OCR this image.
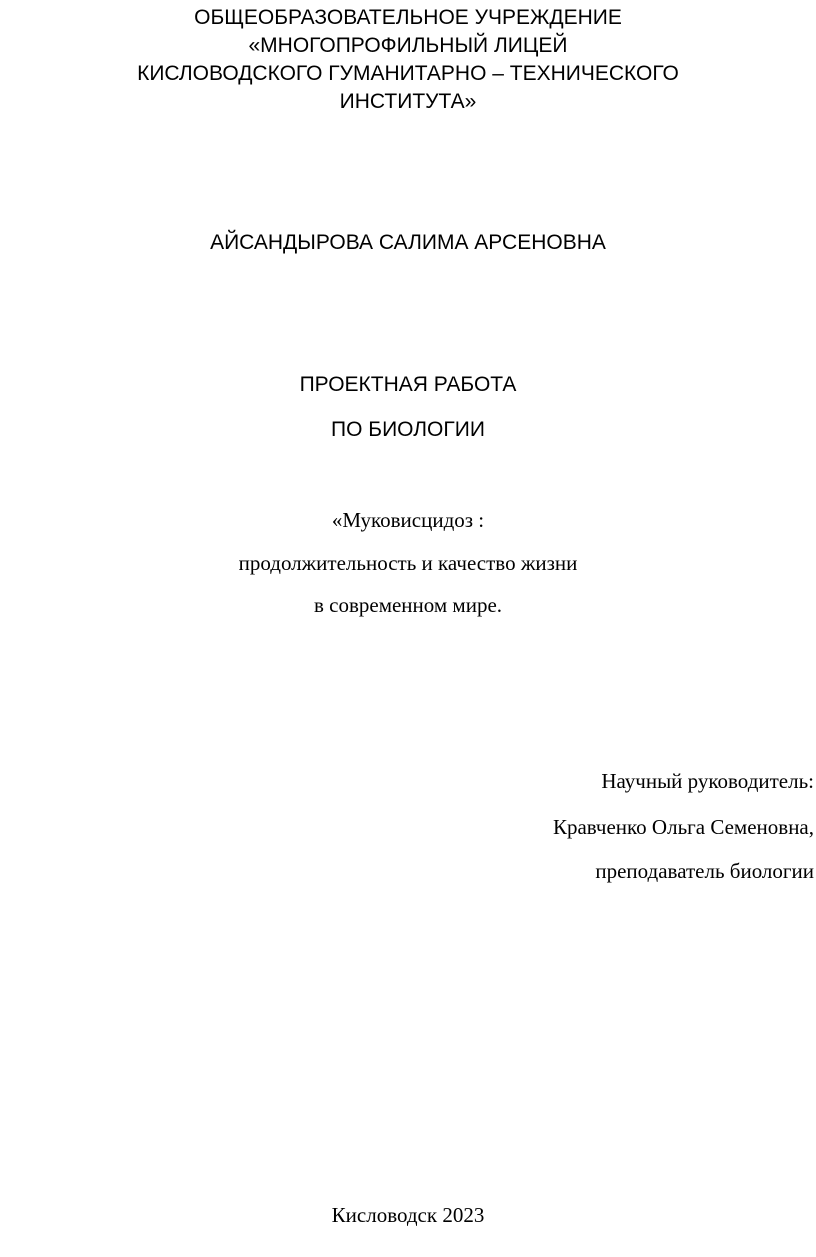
ОБЩЕОБРАЗОВАТЕЛЬНОЕ УЧРЕЖДЕНИЕ
«МНОГОПРОФИЛЬНЫЙ ЛИЦЕЙ
КИСЛОВОДСКОГО ГУМАНИТАРНО – ТЕХНИЧЕСКОГО
ИНСТИТУТА»
АЙСАНДЫРОВА САЛИМА АРСЕНОВНА
ПРОЕКТНАЯ РАБОТА
ПО БИОЛОГИИ
«Муковисцидоз :
продолжительность и качество жизни
в современном мире.
Научный руководитель:
Кравченко Ольга Семеновна,
преподаватель биологии
Кисловодск 2023
